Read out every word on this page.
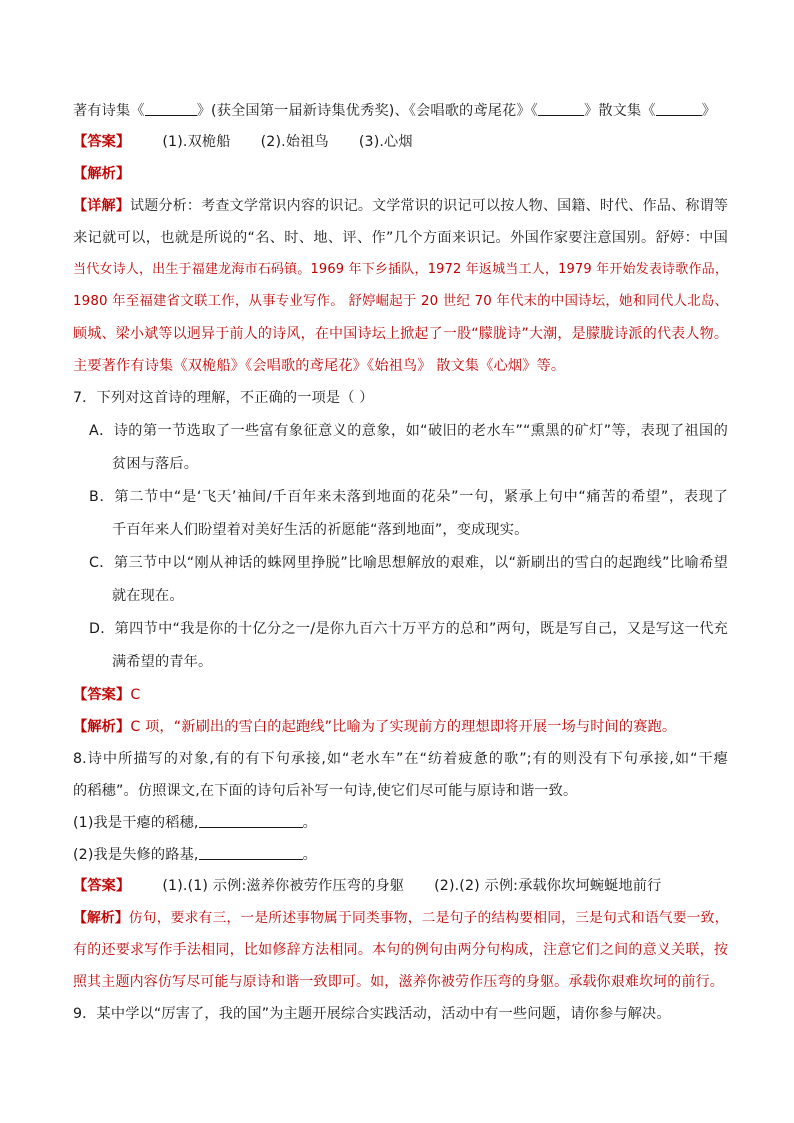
著有诗集《	》(获全国第一届新诗集优秀奖)、《会唱歌的鸢尾花》《	》散文集《	》
【答案】 (1).双桅船 (2).始祖鸟 (3).心烟
【解析】
【详解】试题分析：考查文学常识内容的识记。文学常识的识记可以按人物、国籍、时代、作品、称谓等
来记就可以，也就是所说的“名、时、地、评、作”几个方面来识记。外国作家要注意国别。舒婷：中国
当代女诗人，出生于福建龙海市石码镇。1969 年下乡插队，1972 年返城当工人，1979 年开始发表诗歌作品，
1980 年至福建省文联工作，从事专业写作。 舒婷崛起于 20 世纪 70 年代末的中国诗坛，她和同代人北岛、
顾城、梁小斌等以迥异于前人的诗风，在中国诗坛上掀起了一股“朦胧诗”大潮，是朦胧诗派的代表人物。
主要著作有诗集《双桅船》《会唱歌的鸢尾花》《始祖鸟》 散文集《心烟》等。
7．下列对这首诗的理解，不正确的一项是（ ）
A．诗的第一节选取了一些富有象征意义的意象，如“破旧的老水车”“熏黑的矿灯”等，表现了祖国的
贫困与落后。
B．第二节中“是‘飞天’袖间/千百年来未落到地面的花朵”一句，紧承上句中“痛苦的希望”，表现了
千百年来人们盼望着对美好生活的祈愿能“落到地面”，变成现实。
C．第三节中以“刚从神话的蛛网里挣脱”比喻思想解放的艰难，以“新刷出的雪白的起跑线”比喻希望
就在现在。
D．第四节中“我是你的十亿分之一/是你九百六十万平方的总和”两句，既是写自己，又是写这一代充
满希望的青年。
【答案】C
【解析】C 项，“新刷出的雪白的起跑线”比喻为了实现前方的理想即将开展一场与时间的赛跑。
8.诗中所描写的对象,有的有下句承接,如“老水车”在“纺着疲惫的歌”;有的则没有下句承接,如“干瘪
的稻穗”。仿照课文,在下面的诗句后补写一句诗,使它们尽可能与原诗和谐一致。
(1)我是干瘪的稻穗,	。
(2)我是失修的路基,	。
【答案】 (1).(1) 示例:滋养你被劳作压弯的身躯 (2).(2) 示例:承载你坎坷蜿蜒地前行
【解析】仿句，要求有三，一是所述事物属于同类事物，二是句子的结构要相同，三是句式和语气要一致，
有的还要求写作手法相同，比如修辞方法相同。本句的例句由两分句构成，注意它们之间的意义关联，按
照其主题内容仿写尽可能与原诗和谐一致即可。如，滋养你被劳作压弯的身躯。承载你艰难坎坷的前行。
9．某中学以“厉害了，我的国”为主题开展综合实践活动，活动中有一些问题，请你参与解决。
